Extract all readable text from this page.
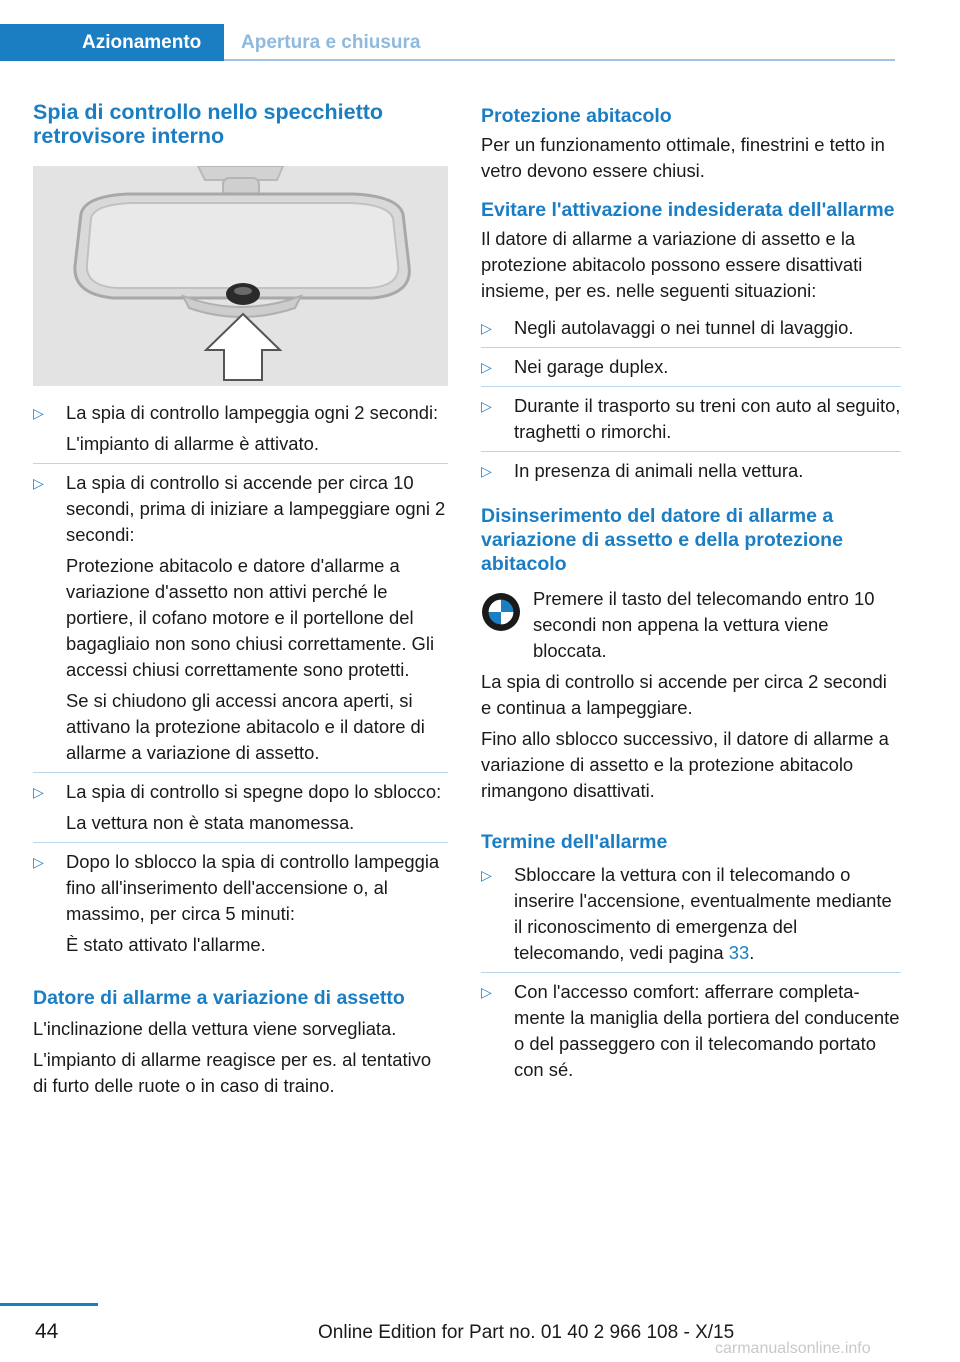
Azionamento Apertura e chiusura
Spia di controllo nello specchietto retrovisore interno
▷ La spia di controllo lampeggia ogni 2 secondi:

L'impianto di allarme è attivato.

▷ La spia di controllo si accende per circa 10 secondi, prima di iniziare a lampeggiare ogni 2 secondi:

Protezione abitacolo e datore d'allarme a variazione d'assetto non attivi perché le portiere, il cofano motore e il portellone del bagagliaio non sono chiusi correttamente. Gli accessi chiusi correttamente sono protetti.

Se si chiudono gli accessi ancora aperti, si attivano la protezione abitacolo e il datore di allarme a variazione di assetto.

▷ La spia di controllo si spegne dopo lo sblocco:

La vettura non è stata manomessa.

▷ Dopo lo sblocco la spia di controllo lampeggia fino all'inserimento dell'accensione o, al massimo, per circa 5 minuti:

È stato attivato l'allarme.

Datore di allarme a variazione di assetto

L'inclinazione della vettura viene sorvegliata.

L'impianto di allarme reagisce per es. al tentativo di furto delle ruote o in caso di traino.

Protezione abitacolo

Per un funzionamento ottimale, finestrini e tetto in vetro devono essere chiusi.

Evitare l'attivazione indesiderata dell'allarme

Il datore di allarme a variazione di assetto e la protezione abitacolo possono essere disattivati insieme, per es. nelle seguenti situazioni:

▷ Negli autolavaggi o nei tunnel di lavaggio.

▷ Nei garage duplex.

▷ Durante il trasporto su treni con auto al seguito, traghetti o rimorchi.

▷ In presenza di animali nella vettura.

Disinserimento del datore di allarme a variazione di assetto e della protezione abitacolo

Premere il tasto del telecomando entro 10 secondi non appena la vettura viene bloccata.

La spia di controllo si accende per circa 2 secondi e continua a lampeggiare.

Fino allo sblocco successivo, il datore di allarme a variazione di assetto e la protezione abitacolo rimangono disattivati.

Termine dell'allarme
▷ Sbloccare la vettura con il telecomando o inserire l'accensione, eventualmente mediante il riconoscimento di emergenza del telecomando, vedi pagina 33.

▷ Con l'accesso comfort: afferrare completamente la maniglia della portiera del conducente o del passeggero con il telecomando portato con sé.

44	Online Edition for Part no. 01 40 2 966 108 - X/15
carmanualsonline.info
